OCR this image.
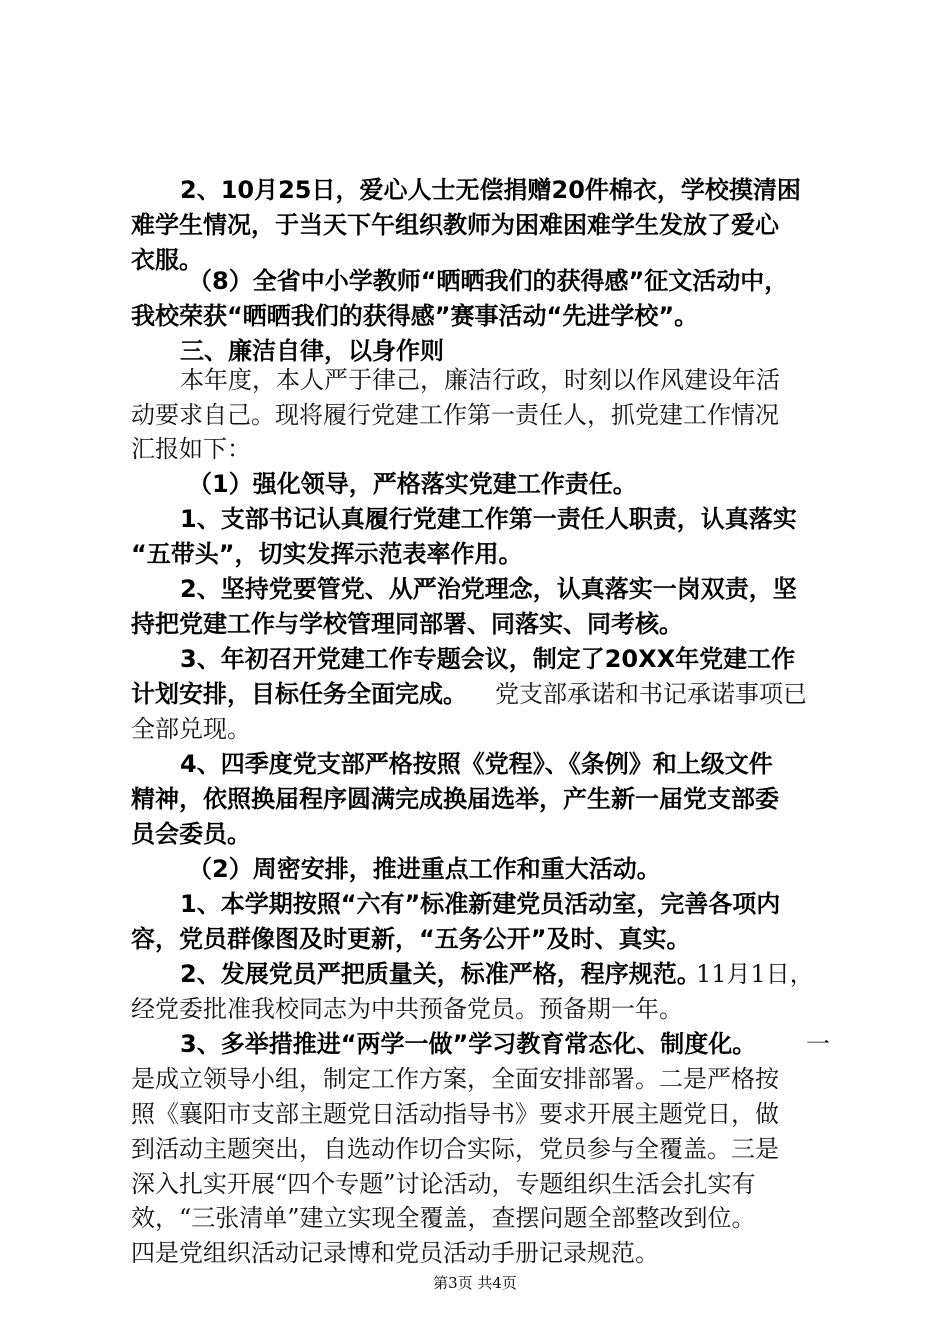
2、10月25日，爱心人士无偿捐赠20件棉衣，学校摸清困
难学生情况，于当天下午组织教师为困难困难学生发放了爱心
衣服。
（8）全省中小学教师“晒晒我们的获得感”征文活动中，
我校荣获“晒晒我们的获得感”赛事活动“先进学校”。
三、廉洁自律，以身作则
本年度，本人严于律己，廉洁行政，时刻以作风建设年活
动要求自己。现将履行党建工作第一责任人，抓党建工作情况
汇报如下：
（1）强化领导，严格落实党建工作责任。
1、支部书记认真履行党建工作第一责任人职责，认真落实
“五带头”，切实发挥示范表率作用。
2、坚持党要管党、从严治党理念，认真落实一岗双责，坚
持把党建工作与学校管理同部署、同落实、同考核。
3、年初召开党建工作专题会议，制定了20XX年党建工作
计划安排，目标任务全面完成。	党支部承诺和书记承诺事项已
全部兑现。
4、四季度党支部严格按照《党程》、《条例》和上级文件
精神，依照换届程序圆满完成换届选举，产生新一届党支部委
员会委员。
（2）周密安排，推进重点工作和重大活动。
1、本学期按照“六有”标准新建党员活动室，完善各项内
容，党员群像图及时更新，“五务公开”及时、真实。
2、发展党员严把质量关，标准严格，程序规范。
11月1日，
经党委批准我校同志为中共预备党员。预备期一年。
3、多举措推进“两学一做”学习教育常态化、制度化。	一
是成立领导小组，制定工作方案，全面安排部署。二是严格按
照《襄阳市支部主题党日活动指导书》要求开展主题党日，做
到活动主题突出，自选动作切合实际，党员参与全覆盖。三是
深入扎实开展“四个专题”讨论活动，专题组织生活会扎实有
效，“三张清单”建立实现全覆盖，查摆问题全部整改到位。
四是党组织活动记录博和党员活动手册记录规范。
第3页 共4页
